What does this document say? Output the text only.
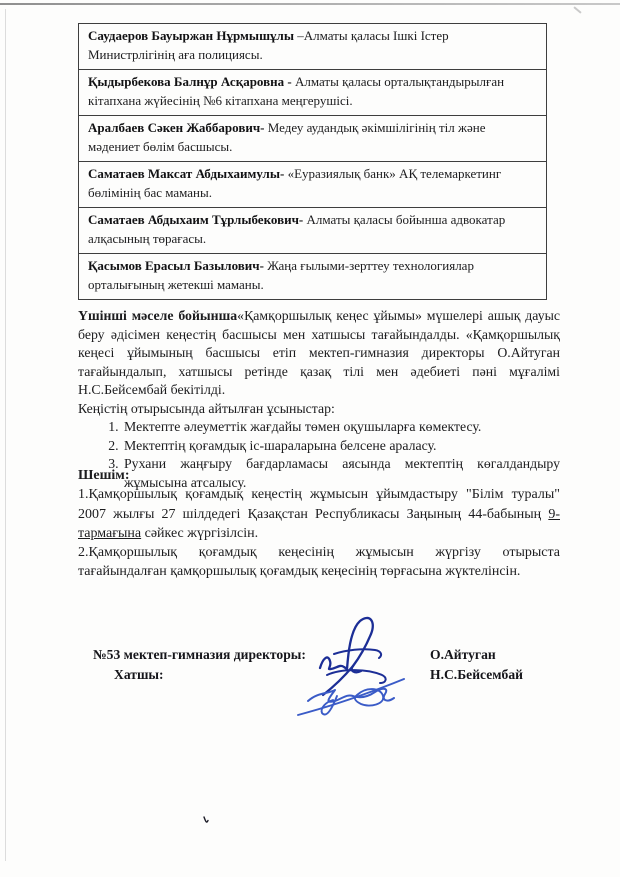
Саудаеров Бауыржан Нұрмышұлы –Алматы қаласы Ішкі Істер Министрлігінің аға полициясы.
Қыдырбекова Балнұр Асқаровна - Алматы қаласы орталықтандырылған кітапхана жүйесінің №6 кітапхана меңгерушісі.
Аралбаев Сәкен Жаббарович- Медеу аудандық әкімшілігінің тіл және мәдениет бөлім басшысы.
Саматаев Максат Абдыхаимулы- «Еуразиялық банк» АҚ телемаркетинг бөлімінің бас маманы.
Саматаев Абдыхаим Тұрлыбекович- Алматы қаласы бойынша адвокатар алқасының төрағасы.
Қасымов Ерасыл Базылович- Жаңа ғылыми-зерттеу технологиялар орталығының жетекші маманы.

Үшінші мәселе бойынша«Қамқоршылық кеңес ұйымы» мүшелері ашық дауыс беру әдісімен кеңестің басшысы мен хатшысы тағайындалды. «Қамқоршылық кеңесі ұйымының басшысы етіп мектеп-гимназия директоры О.Айтуган тағайындалып, хатшысы ретінде қазақ тілі мен әдебиеті пәні мұғалімі Н.С.Бейсембай бекітілді.

Кеңістің отырысында айтылған ұсыныстар:

1. Мектепте әлеуметтік жағдайы төмен оқушыларға көмектесу.
2. Мектептің қоғамдық іс-шараларына белсене араласу.
3. Рухани жаңғыру бағдарламасы аясында мектептің көгалдандыру жұмысына атсалысу.

Шешім:

1.Қамқоршылық қоғамдық кеңестің жұмысын ұйымдастыру "Білім туралы" 2007 жылғы 27 шілдедегі Қазақстан Республикасы Заңының 44-бабының 9-тармағына сәйкес жүргізілсін.

2.Қамқоршылық қоғамдық кеңесінің жұмысын жүргізу отырыста тағайындалған қамқоршылық қоғамдық кеңесінің төрғасына жүктелінсін.

№53 мектеп-гимназия директоры:
Хатшы:
О.Айтуган
Н.С.Бейсембай
